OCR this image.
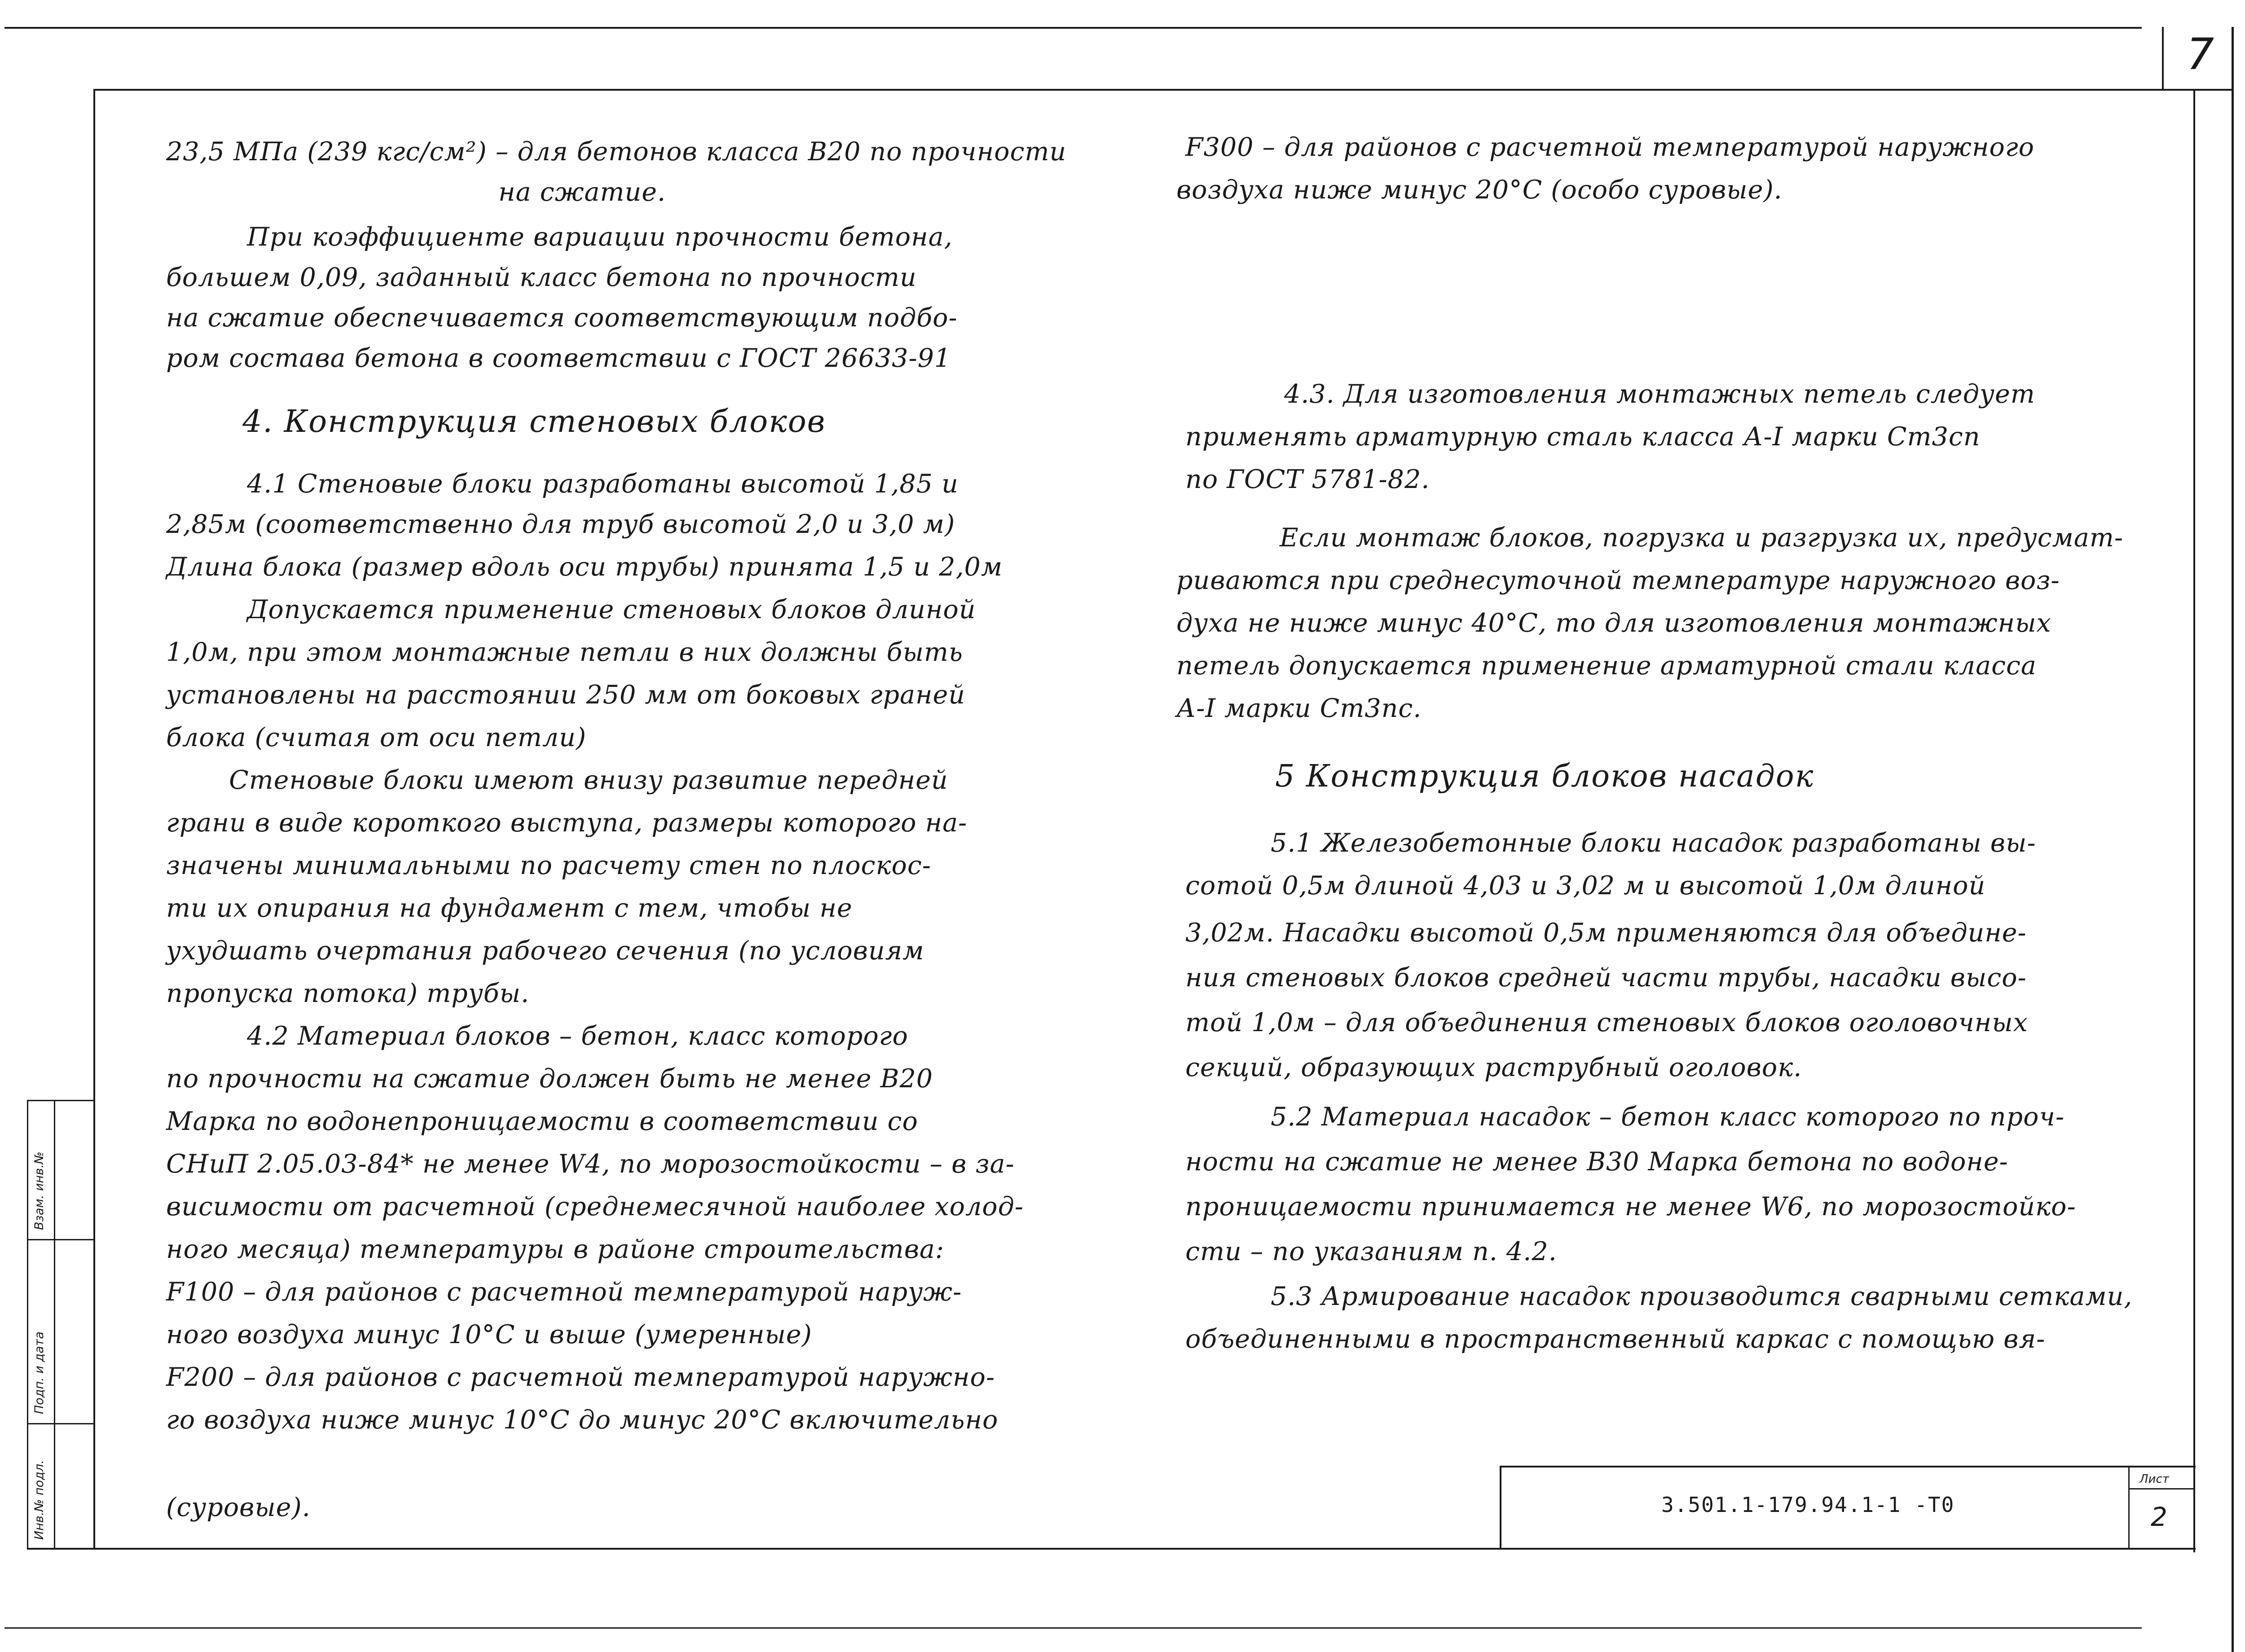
7
Инв.№ подл.
Подп. и дата
Взам. инв.№
3.501.1-179.94.1-1 -Т0
Лист
2
23,5 МПа (239 кгс/см²) – для бетонов класса В20 по прочности
на сжатие.
При коэффициенте вариации прочности бетона,
большем 0,09, заданный класс бетона по прочности
на сжатие обеспечивается соответствующим подбо-
ром состава бетона в соответствии с ГОСТ 26633-91
4. Конструкция стеновых блоков
4.1 Стеновые блоки разработаны высотой 1,85 и
2,85м (соответственно для труб высотой 2,0 и 3,0 м)
Длина блока (размер вдоль оси трубы) принята 1,5 и 2,0м
Допускается применение стеновых блоков длиной
1,0м, при этом монтажные петли в них должны быть
установлены на расстоянии 250 мм от боковых граней
блока (считая от оси петли)
Стеновые блоки имеют внизу развитие передней
грани в виде короткого выступа, размеры которого на-
значены минимальными по расчету стен по плоскос-
ти их опирания на фундамент с тем, чтобы не
ухудшать очертания рабочего сечения (по условиям
пропуска потока) трубы.
4.2 Материал блоков – бетон, класс которого
по прочности на сжатие должен быть не менее В20
Марка по водонепроницаемости в соответствии со
СНиП 2.05.03-84* не менее W4, по морозостойкости – в за-
висимости от расчетной (среднемесячной наиболее холод-
ного месяца) температуры в районе строительства:
F100 – для районов с расчетной температурой наруж-
ного воздуха минус 10°С и выше (умеренные)
F200 – для районов с расчетной температурой наружно-
го воздуха ниже минус 10°С до минус 20°С включительно
(суровые).
F300 – для районов с расчетной температурой наружного
воздуха ниже минус 20°С (особо суровые).
4.3. Для изготовления монтажных петель следует
применять арматурную сталь класса А-I марки Ст3сп
по ГОСТ 5781-82.
Если монтаж блоков, погрузка и разгрузка их, предусмат-
риваются при среднесуточной температуре наружного воз-
духа не ниже минус 40°С, то для изготовления монтажных
петель допускается применение арматурной стали класса
А-I марки Ст3пс.
5 Конструкция блоков насадок
5.1 Железобетонные блоки насадок разработаны вы-
сотой 0,5м длиной 4,03 и 3,02 м и высотой 1,0м длиной
3,02м. Насадки высотой 0,5м применяются для объедине-
ния стеновых блоков средней части трубы, насадки высо-
той 1,0м – для объединения стеновых блоков оголовочных
секций, образующих раструбный оголовок.
5.2 Материал насадок – бетон класс которого по проч-
ности на сжатие не менее В30 Марка бетона по водоне-
проницаемости принимается не менее W6, по морозостойко-
сти – по указаниям п. 4.2.
5.3 Армирование насадок производится сварными сетками,
объединенными в пространственный каркас с помощью вя-
